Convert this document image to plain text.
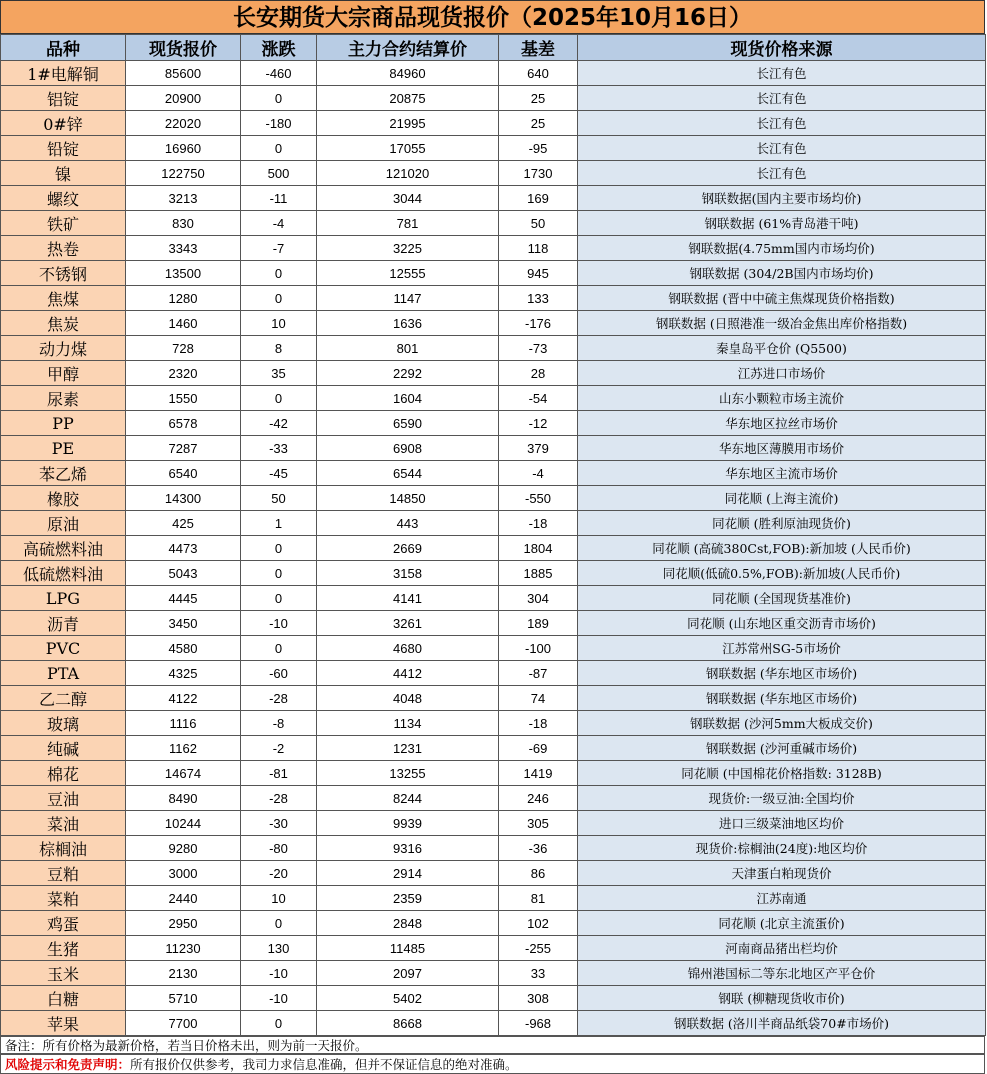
长安期货大宗商品现货报价（2025年10月16日）
品种	现货报价	涨跌	主力合约结算价	基差	现货价格来源
1#电解铜	85600	-460	84960	640	长江有色
铝锭	20900	0	20875	25	长江有色
0#锌	22020	-180	21995	25	长江有色
铅锭	16960	0	17055	-95	长江有色
镍	122750	500	121020	1730	长江有色
螺纹	3213	-11	3044	169	钢联数据(国内主要市场均价)
铁矿	830	-4	781	50	钢联数据 (61%青岛港干吨)
热卷	3343	-7	3225	118	钢联数据(4.75mm国内市场均价)
不锈钢	13500	0	12555	945	钢联数据 (304/2B国内市场均价)
焦煤	1280	0	1147	133	钢联数据 (晋中中硫主焦煤现货价格指数)
焦炭	1460	10	1636	-176	钢联数据 (日照港准一级冶金焦出库价格指数)
动力煤	728	8	801	-73	秦皇岛平仓价 (Q5500)
甲醇	2320	35	2292	28	江苏进口市场价
尿素	1550	0	1604	-54	山东小颗粒市场主流价
PP	6578	-42	6590	-12	华东地区拉丝市场价
PE	7287	-33	6908	379	华东地区薄膜用市场价
苯乙烯	6540	-45	6544	-4	华东地区主流市场价
橡胶	14300	50	14850	-550	同花顺 (上海主流价)
原油	425	1	443	-18	同花顺 (胜利原油现货价)
高硫燃料油	4473	0	2669	1804	同花顺 (高硫380Cst,FOB):新加坡 (人民币价)
低硫燃料油	5043	0	3158	1885	同花顺(低硫0.5%,FOB):新加坡(人民币价)
LPG	4445	0	4141	304	同花顺 (全国现货基准价)
沥青	3450	-10	3261	189	同花顺 (山东地区重交沥青市场价)
PVC	4580	0	4680	-100	江苏常州SG-5市场价
PTA	4325	-60	4412	-87	钢联数据 (华东地区市场价)
乙二醇	4122	-28	4048	74	钢联数据 (华东地区市场价)
玻璃	1116	-8	1134	-18	钢联数据 (沙河5mm大板成交价)
纯碱	1162	-2	1231	-69	钢联数据 (沙河重碱市场价)
棉花	14674	-81	13255	1419	同花顺 (中国棉花价格指数: 3128B)
豆油	8490	-28	8244	246	现货价:一级豆油:全国均价
菜油	10244	-30	9939	305	进口三级菜油地区均价
棕榈油	9280	-80	9316	-36	现货价:棕榈油(24度):地区均价
豆粕	3000	-20	2914	86	天津蛋白粕现货价
菜粕	2440	10	2359	81	江苏南通
鸡蛋	2950	0	2848	102	同花顺 (北京主流蛋价)
生猪	11230	130	11485	-255	河南商品猪出栏均价
玉米	2130	-10	2097	33	锦州港国标二等东北地区产平仓价
白糖	5710	-10	5402	308	钢联 (柳糖现货收市价)
苹果	7700	0	8668	-968	钢联数据 (洛川半商品纸袋70#市场价)
备注：所有价格为最新价格，若当日价格未出，则为前一天报价。
风险提示和免责声明：所有报价仅供参考，我司力求信息准确，但并不保证信息的绝对准确。
